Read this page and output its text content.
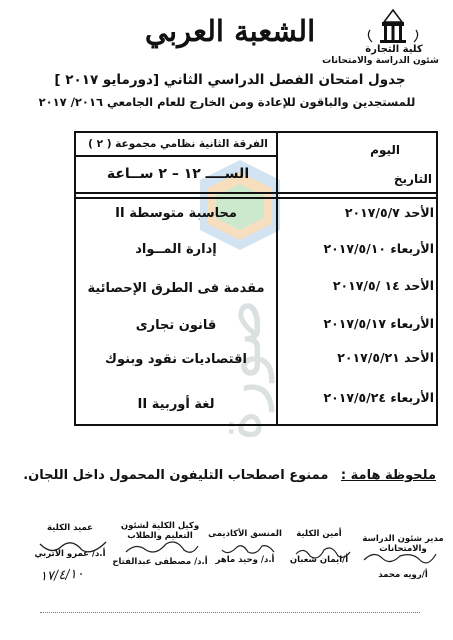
كلية التجارة
شئون الدراسة والامتحانات
الشعبة العربي
جدول امتحان الفصل الدراسي الثاني [دورمايو ٢٠١٧ ]
للمستجدين والباقون للإعادة ومن الخارج للعام الجامعي ٢٠١٦/ ٢٠١٧
صورة
اليوم
التاريخ
الفرقة الثانية نظامي مجموعة ( ٢ )
الســــ ١٢ – ٢ ســاعة
الأحد ٢٠١٧/٥/٧
محاسبة متوسطة II
الأربعاء ٢٠١٧/٥/١٠
إدارة المــواد
الأحد ١٤ /٢٠١٧/٥
مقدمة فى الطرق الإحصائية
الأربعاء ٢٠١٧/٥/١٧
قانون تجارى
الأحد ٢٠١٧/٥/٢١
اقتصاديات نقود وبنوك
الأربعاء ٢٠١٧/٥/٢٤
لغة أوربية II
ملحوظة هامة : ممنوع اصطحاب التليفون المحمول داخل اللجان.
مدير شئون الدراسة والامتحانات
أ/رويه محمد
أمين الكلية
أ/ايمان شعبان
المنسق الأكاديمى
أ.د/ وحيد ماهر
وكيل الكلية لشئون التعليم والطلاب
أ.د/ مصطفى عبدالفتاح
عميد الكلية
أ.د/ عمرو الاتربي
١٧/٤/١٠
